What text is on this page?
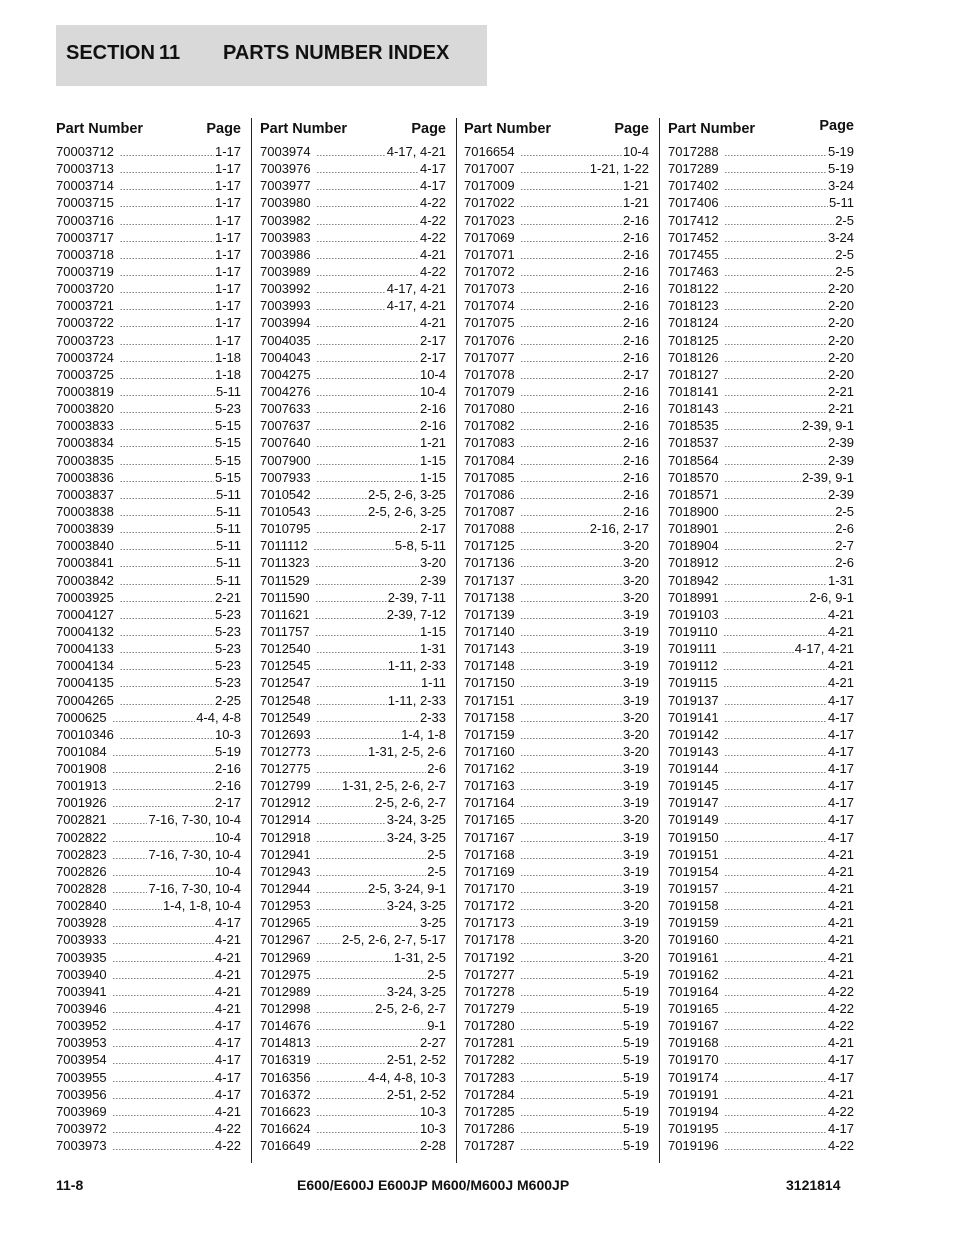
SECTION 11 PARTS NUMBER INDEX
Part Number	Page
70003712 .....	1-17
70003713 .....	1-17
70003714 .....	1-17
70003715 .....	1-17
70003716 .....	1-17
70003717 .....	1-17
70003718 .....	1-17
70003719 .....	1-17
70003720 .....	1-17
70003721 .....	1-17
70003722 .....	1-17
70003723 .....	1-17
70003724 .....	1-18
70003725 .....	1-18
70003819 .....	5-11
70003820 .....	5-23
70003833 .....	5-15
70003834 .....	5-15
70003835 .....	5-15
70003836 .....	5-15
70003837 .....	5-11
70003838 .....	5-11
70003839 .....	5-11
70003840 .....	5-11
70003841 .....	5-11
70003842 .....	5-11
70003925 .....	2-21
70004127 .....	5-23
70004132 .....	5-23
70004133 .....	5-23
70004134 .....	5-23
70004135 .....	5-23
70004265 .....	2-25
7000625 .....	4-4, 4-8
70010346 .....	10-3
7001084 .....	5-19
7001908 .....	2-16
7001913 .....	2-16
7001926 .....	2-17
7002821 .....	7-16, 7-30, 10-4
7002822 .....	10-4
7002823 .....	7-16, 7-30, 10-4
7002826 .....	10-4
7002828 .....	7-16, 7-30, 10-4
7002840 .....	1-4, 1-8, 10-4
7003928 .....	4-17
7003933 .....	4-21
7003935 .....	4-21
7003940 .....	4-21
7003941 .....	4-21
7003946 .....	4-21
7003952 .....	4-17
7003953 .....	4-17
7003954 .....	4-17
7003955 .....	4-17
7003956 .....	4-17
7003969 .....	4-21
7003972 .....	4-22
7003973 .....	4-22
Part Number	Page
7003974 .....	4-17, 4-21
7003976 .....	4-17
7003977 .....	4-17
7003980 .....	4-22
7003982 .....	4-22
7003983 .....	4-22
7003986 .....	4-21
7003989 .....	4-22
7003992 .....	4-17, 4-21
7003993 .....	4-17, 4-21
7003994 .....	4-21
7004035 .....	2-17
7004043 .....	2-17
7004275 .....	10-4
7004276 .....	10-4
7007633 .....	2-16
7007637 .....	2-16
7007640 .....	1-21
7007900 .....	1-15
7007933 .....	1-15
7010542 .....	2-5, 2-6, 3-25
7010543 .....	2-5, 2-6, 3-25
7010795 .....	2-17
7011112 .....	5-8, 5-11
7011323 .....	3-20
7011529 .....	2-39
7011590 .....	2-39, 7-11
7011621 .....	2-39, 7-12
7011757 .....	1-15
7012540 .....	1-31
7012545 .....	1-11, 2-33
7012547 .....	1-11
7012548 .....	1-11, 2-33
7012549 .....	2-33
7012693 .....	1-4, 1-8
7012773 .....	1-31, 2-5, 2-6
7012775 .....	2-6
7012799 ..... 1-31, 2-5, 2-6, 2-7
7012912 .....	2-5, 2-6, 2-7
7012914 .....	3-24, 3-25
7012918 .....	3-24, 3-25
7012941 .....	2-5
7012943 .....	2-5
7012944 .....	2-5, 3-24, 9-1
7012953 .....	3-24, 3-25
7012965 .....	3-25
7012967 ..... 2-5, 2-6, 2-7, 5-17
7012969 .....	1-31, 2-5
7012975 .....	2-5
7012989 .....	3-24, 3-25
7012998 .....	2-5, 2-6, 2-7
7014676 .....	9-1
7014813 .....	2-27
7016319 .....	2-51, 2-52
7016356 .....	4-4, 4-8, 10-3
7016372 .....	2-51, 2-52
7016623 .....	10-3
7016624 .....	10-3
7016649 .....	2-28
Part Number	Page
7016654 .....	10-4
7017007 .....	1-21, 1-22
7017009 .....	1-21
7017022 .....	1-21
7017023 .....	2-16
7017069 .....	2-16
7017071 .....	2-16
7017072 .....	2-16
7017073 .....	2-16
7017074 .....	2-16
7017075 .....	2-16
7017076 .....	2-16
7017077 .....	2-16
7017078 .....	2-17
7017079 .....	2-16
7017080 .....	2-16
7017082 .....	2-16
7017083 .....	2-16
7017084 .....	2-16
7017085 .....	2-16
7017086 .....	2-16
7017087 .....	2-16
7017088 .....	2-16, 2-17
7017125 .....	3-20
7017136 .....	3-20
7017137 .....	3-20
7017138 .....	3-20
7017139 .....	3-19
7017140 .....	3-19
7017143 .....	3-19
7017148 .....	3-19
7017150 .....	3-19
7017151 .....	3-19
7017158 .....	3-20
7017159 .....	3-20
7017160 .....	3-20
7017162 .....	3-19
7017163 .....	3-19
7017164 .....	3-19
7017165 .....	3-20
7017167 .....	3-19
7017168 .....	3-19
7017169 .....	3-19
7017170 .....	3-19
7017172 .....	3-20
7017173 .....	3-19
7017178 .....	3-20
7017192 .....	3-20
7017277 .....	5-19
7017278 .....	5-19
7017279 .....	5-19
7017280 .....	5-19
7017281 .....	5-19
7017282 .....	5-19
7017283 .....	5-19
7017284 .....	5-19
7017285 .....	5-19
7017286 .....	5-19
7017287 .....	5-19
Part Number	Page
7017288 .....	5-19
7017289 .....	5-19
7017402 .....	3-24
7017406 .....	5-11
7017412 .....	2-5
7017452 .....	3-24
7017455 .....	2-5
7017463 .....	2-5
7018122 .....	2-20
7018123 .....	2-20
7018124 .....	2-20
7018125 .....	2-20
7018126 .....	2-20
7018127 .....	2-20
7018141 .....	2-21
7018143 .....	2-21
7018535 .....	2-39, 9-1
7018537 .....	2-39
7018564 .....	2-39
7018570 .....	2-39, 9-1
7018571 .....	2-39
7018900 .....	2-5
7018901 .....	2-6
7018904 .....	2-7
7018912 .....	2-6
7018942 .....	1-31
7018991 .....	2-6, 9-1
7019103 .....	4-21
7019110 .....	4-21
7019111 .....	4-17, 4-21
7019112 .....	4-21
7019115 .....	4-21
7019137 .....	4-17
7019141 .....	4-17
7019142 .....	4-17
7019143 .....	4-17
7019144 .....	4-17
7019145 .....	4-17
7019147 .....	4-17
7019149 .....	4-17
7019150 .....	4-17
7019151 .....	4-21
7019154 .....	4-21
7019157 .....	4-21
7019158 .....	4-21
7019159 .....	4-21
7019160 .....	4-21
7019161 .....	4-21
7019162 .....	4-21
7019164 .....	4-22
7019165 .....	4-22
7019167 .....	4-22
7019168 .....	4-21
7019170 .....	4-17
7019174 .....	4-17
7019191 .....	4-21
7019194 .....	4-22
7019195 .....	4-17
7019196 .....	4-22
11-8	E600/E600J E600JP M600/M600J M600JP	3121814
